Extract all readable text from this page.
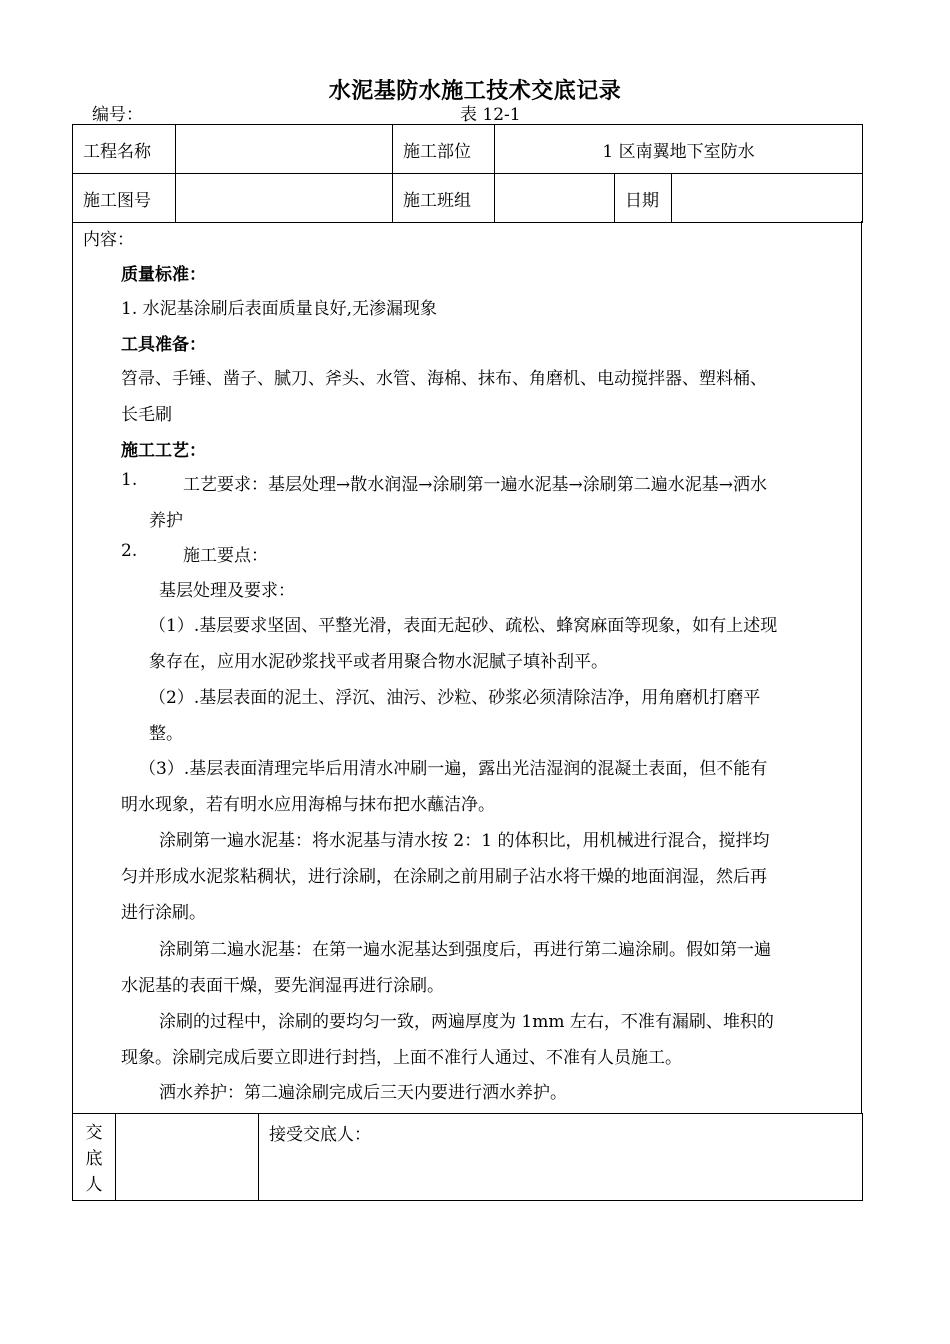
水泥基防水施工技术交底记录
编号：	表 12-1
工程名称		施工部位	1 区南翼地下室防水		
施工图号		施工班组		日期	
内容：
质量标准：
1. 水泥基涂刷后表面质量良好,无渗漏现象
工具准备：
笤帚、手锤、凿子、腻刀、斧头、水管、海棉、抹布、角磨机、电动搅拌器、塑料桶、
长毛刷
施工工艺：
1.	工艺要求：基层处理→散水润湿→涂刷第一遍水泥基→涂刷第二遍水泥基→洒水
养护
2.	施工要点：
基层处理及要求：
（1）.基层要求坚固、平整光滑，表面无起砂、疏松、蜂窝麻面等现象，如有上述现
象存在，应用水泥砂浆找平或者用聚合物水泥腻子填补刮平。
（2）.基层表面的泥土、浮沉、油污、沙粒、砂浆必须清除洁净，用角磨机打磨平
整。
（3）.基层表面清理完毕后用清水冲刷一遍，露出光洁湿润的混凝土表面，但不能有
明水现象，若有明水应用海棉与抹布把水蘸洁净。
涂刷第一遍水泥基：将水泥基与清水按 2：1 的体积比，用机械进行混合，搅拌均
匀并形成水泥浆粘稠状，进行涂刷，在涂刷之前用刷子沾水将干燥的地面润湿，然后再
进行涂刷。
涂刷第二遍水泥基：在第一遍水泥基达到强度后，再进行第二遍涂刷。假如第一遍
水泥基的表面干燥，要先润湿再进行涂刷。
涂刷的过程中，涂刷的要均匀一致，两遍厚度为 1mm 左右，不准有漏刷、堆积的
现象。涂刷完成后要立即进行封挡，上面不准行人通过、不准有人员施工。
洒水养护：第二遍涂刷完成后三天内要进行洒水养护。
交
底
人
		接受交底人：
